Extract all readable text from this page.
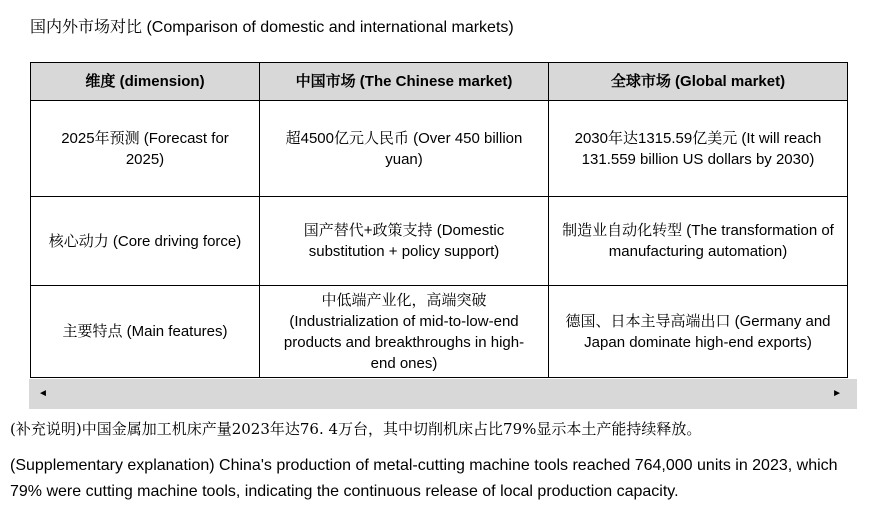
国内外市场对比 (Comparison of domestic and international markets)
维度 (dimension)	中国市场 (The Chinese market)	全球市场 (Global market)
2025年预测 (Forecast for 2025)	超4500亿元人民币 (Over 450 billion yuan)	2030年达1315.59亿美元 (It will reach 131.559 billion US dollars by 2030)
核心动力 (Core driving force)	国产替代+政策支持 (Domestic substitution + policy support)	制造业自动化转型 (The transformation of manufacturing automation)
主要特点 (Main features)	中低端产业化，高端突破 (Industrialization of mid-to-low-end products and breakthroughs in high-end ones)	德国、日本主导高端出口 (Germany and Japan dominate high-end exports)
◄	►

(补充说明)中国金属加工机床产量2023年达76. 4万台，其中切削机床占比79%显示本土产能持续释放。

(Supplementary explanation) China's production of metal-cutting machine tools reached 764,000 units in 2023, which 79% were cutting machine tools, indicating the continuous release of local production capacity.
